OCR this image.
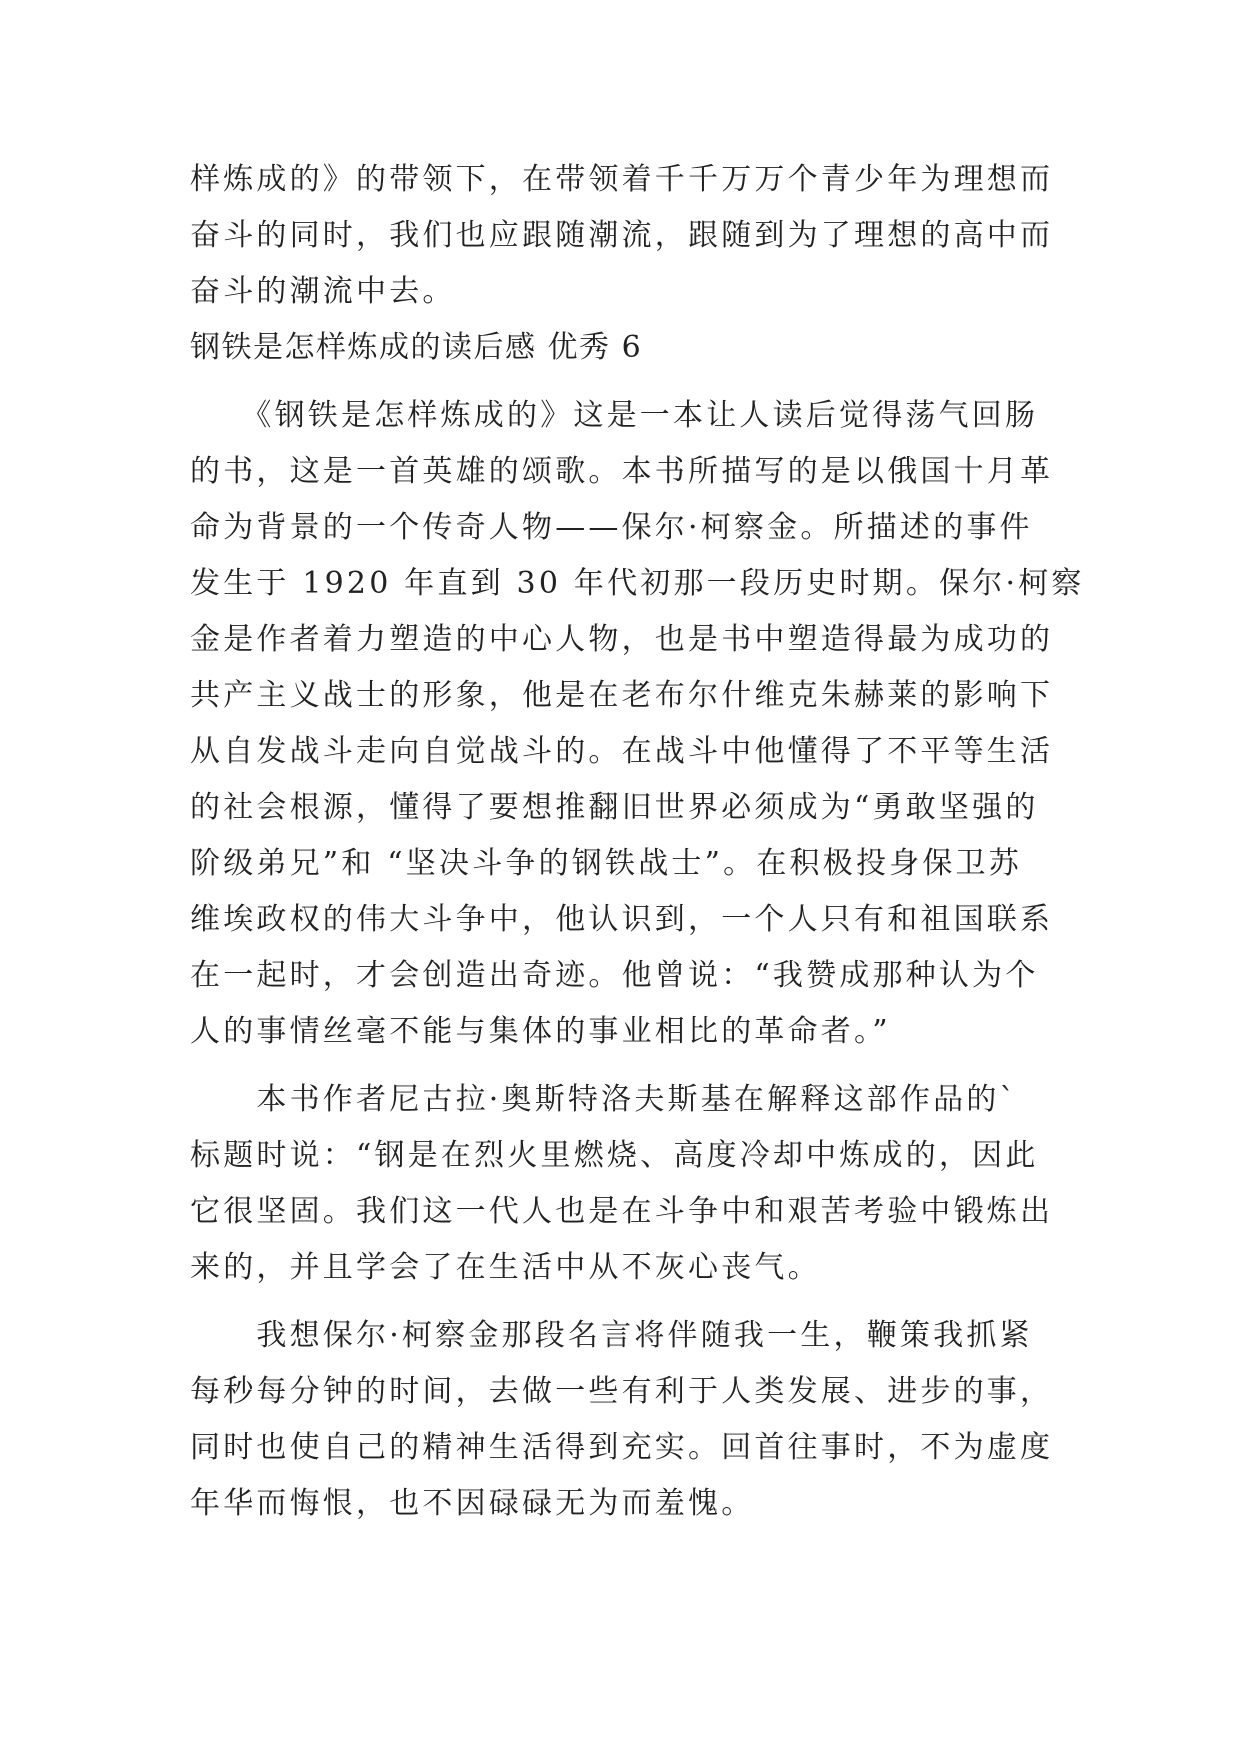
样炼成的》的带领下，在带领着千千万万个青少年为理想而
奋斗的同时，我们也应跟随潮流，跟随到为了理想的高中而
奋斗的潮流中去。
钢铁是怎样炼成的读后感 优秀 6
　　《钢铁是怎样炼成的》这是一本让人读后觉得荡气回肠
的书，这是一首英雄的颂歌。本书所描写的是以俄国十月革
命为背景的一个传奇人物——保尔·柯察金。所描述的事件
发生于 1920 年直到 30 年代初那一段历史时期。保尔·柯察
金是作者着力塑造的中心人物，也是书中塑造得最为成功的
共产主义战士的形象，他是在老布尔什维克朱赫莱的影响下
从自发战斗走向自觉战斗的。在战斗中他懂得了不平等生活
的社会根源，懂得了要想推翻旧世界必须成为“勇敢坚强的
阶级弟兄”和 “坚决斗争的钢铁战士”。在积极投身保卫苏
维埃政权的伟大斗争中，他认识到，一个人只有和祖国联系
在一起时，才会创造出奇迹。他曾说：“我赞成那种认为个
人的事情丝毫不能与集体的事业相比的革命者。”
　　本书作者尼古拉·奥斯特洛夫斯基在解释这部作品的`
标题时说：“钢是在烈火里燃烧、高度冷却中炼成的，因此
它很坚固。我们这一代人也是在斗争中和艰苦考验中锻炼出
来的，并且学会了在生活中从不灰心丧气。
　　我想保尔·柯察金那段名言将伴随我一生，鞭策我抓紧
每秒每分钟的时间，去做一些有利于人类发展、进步的事，
同时也使自己的精神生活得到充实。回首往事时，不为虚度
年华而悔恨，也不因碌碌无为而羞愧。
